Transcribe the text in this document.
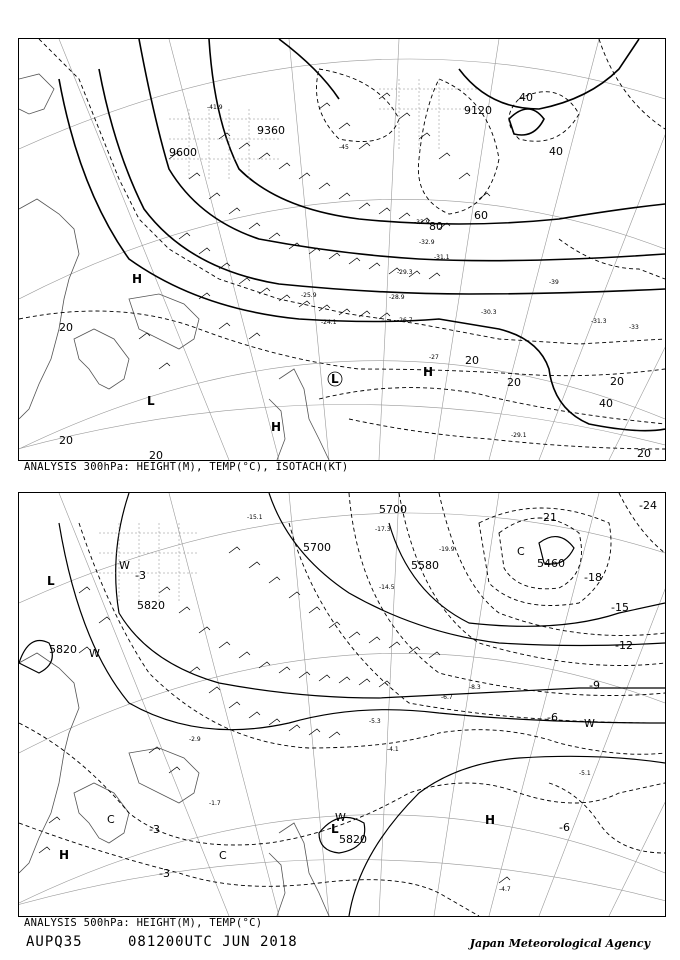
H
H
H
L
L
9600
9360
9120
20
20
20
40
40
60
80
20
20	20
40
20
-41.9
-45
-33.9
-32.9
-31.1
-30.3
-29.3
-28.9
-26.7
-25.9
-24.1	-31.3
-29.1
-27
-33
-39
ANALYSIS 300hPa: HEIGHT(M), TEMP(°C), ISOTACH(KT)
H
H
L
L
C
C
C
W
W
W
W
5700
5580
5820
5820
5820
5460
5700	-24
-21
-18
-15
-12
-9
-6
-3
-3
-3	-6
-15.1
-17.3
-19.9
-14.5
-8.3
-6.7
-4.1
-5.3
-4.7
-1.7
-2.9
-5.1
ANALYSIS 500hPa: HEIGHT(M), TEMP(°C)
AUPQ35	081200UTC JUN 2018	Japan Meteorological Agency
